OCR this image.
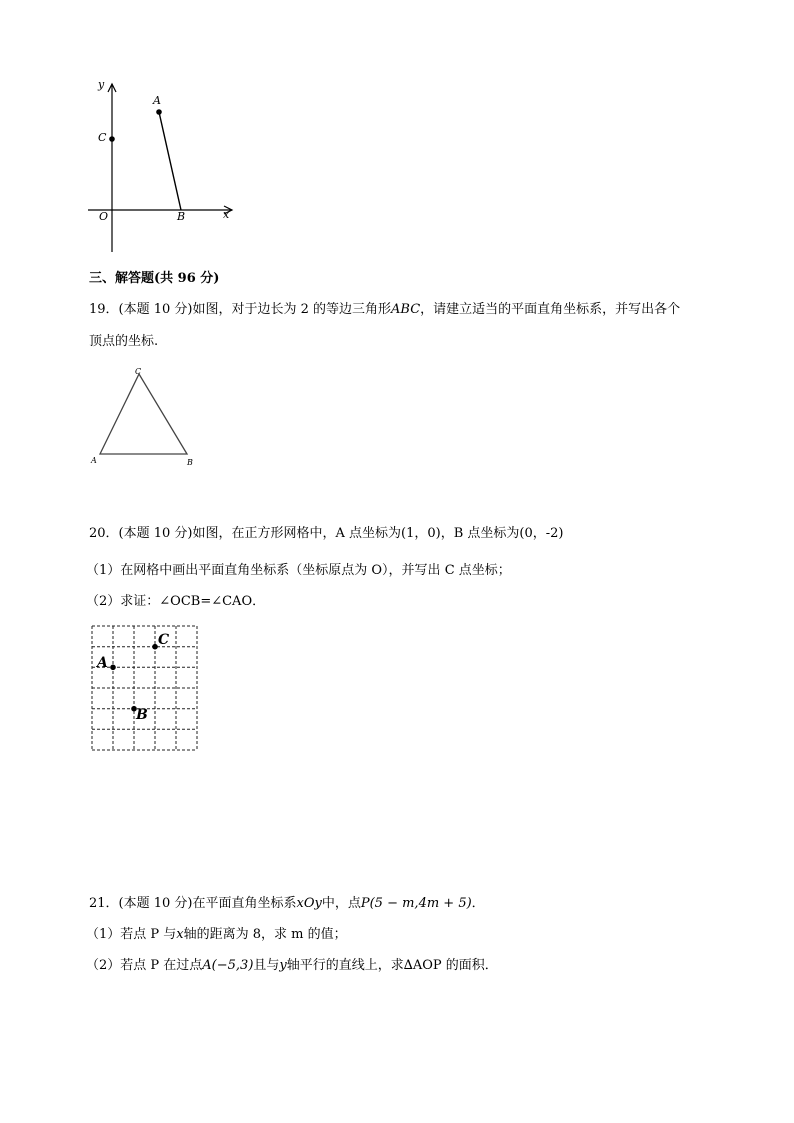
y
x
O
A
B
C
三、解答题(共 96 分)
19．(本题 10 分)如图，对于边长为 2 的等边三角形ABC，请建立适当的平面直角坐标系，并写出各个
顶点的坐标.
A	B
C
20．(本题 10 分)如图，在正方形网格中，A 点坐标为(1，0)，B 点坐标为(0，-2)
（1）在网格中画出平面直角坐标系（坐标原点为 O），并写出 C 点坐标；
（2）求证：∠OCB=∠CAO．
A
B
C
21．(本题 10 分)在平面直角坐标系xOy中，点P(5 − m,4m + 5)．
（1）若点 P 与x轴的距离为 8，求 m 的值；
（2）若点 P 在过点A(−5,3)且与y轴平行的直线上，求∆AOP 的面积．
